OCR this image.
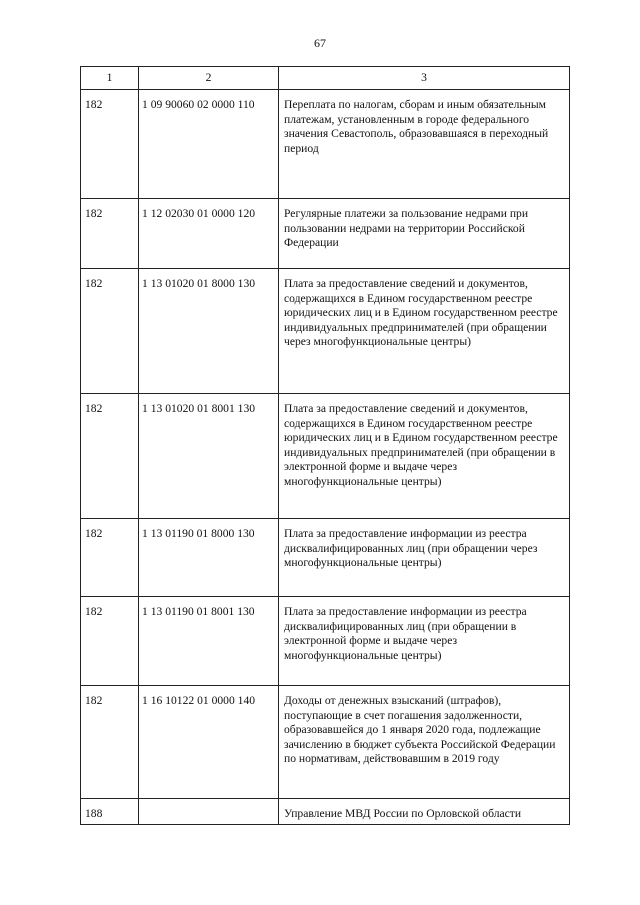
67
1	2	3
182	1 09 90060 02 0000 110	Переплата по налогам, сборам и иным обязательным платежам, установленным в городе федерального значения Севастополь, образовавшаяся в переходный период
182	1 12 02030 01 0000 120	Регулярные платежи за пользование недрами при пользовании недрами на территории Российской Федерации
182	1 13 01020 01 8000 130	Плата за предоставление сведений и документов, содержащихся в Едином государственном реестре юридических лиц и в Едином государственном реестре индивидуальных предпринимателей (при обращении через многофункциональные центры)
182	1 13 01020 01 8001 130	Плата за предоставление сведений и документов, содержащихся в Едином государственном реестре юридических лиц и в Едином государственном реестре индивидуальных предпринимателей (при обращении в электронной форме и выдаче через многофункциональные центры)
182	1 13 01190 01 8000 130	Плата за предоставление информации из реестра дисквалифицированных лиц (при обращении через многофункциональные центры)
182	1 13 01190 01 8001 130	Плата за предоставление информации из реестра дисквалифицированных лиц (при обращении в электронной форме и выдаче через многофункциональные центры)
182	1 16 10122 01 0000 140	Доходы от денежных взысканий (штрафов), поступающие в счет погашения задолженности, образовавшейся до 1 января 2020 года, подлежащие зачислению в бюджет субъекта Российской Федерации по нормативам, действовавшим в 2019 году
188		Управление МВД России по Орловской области
